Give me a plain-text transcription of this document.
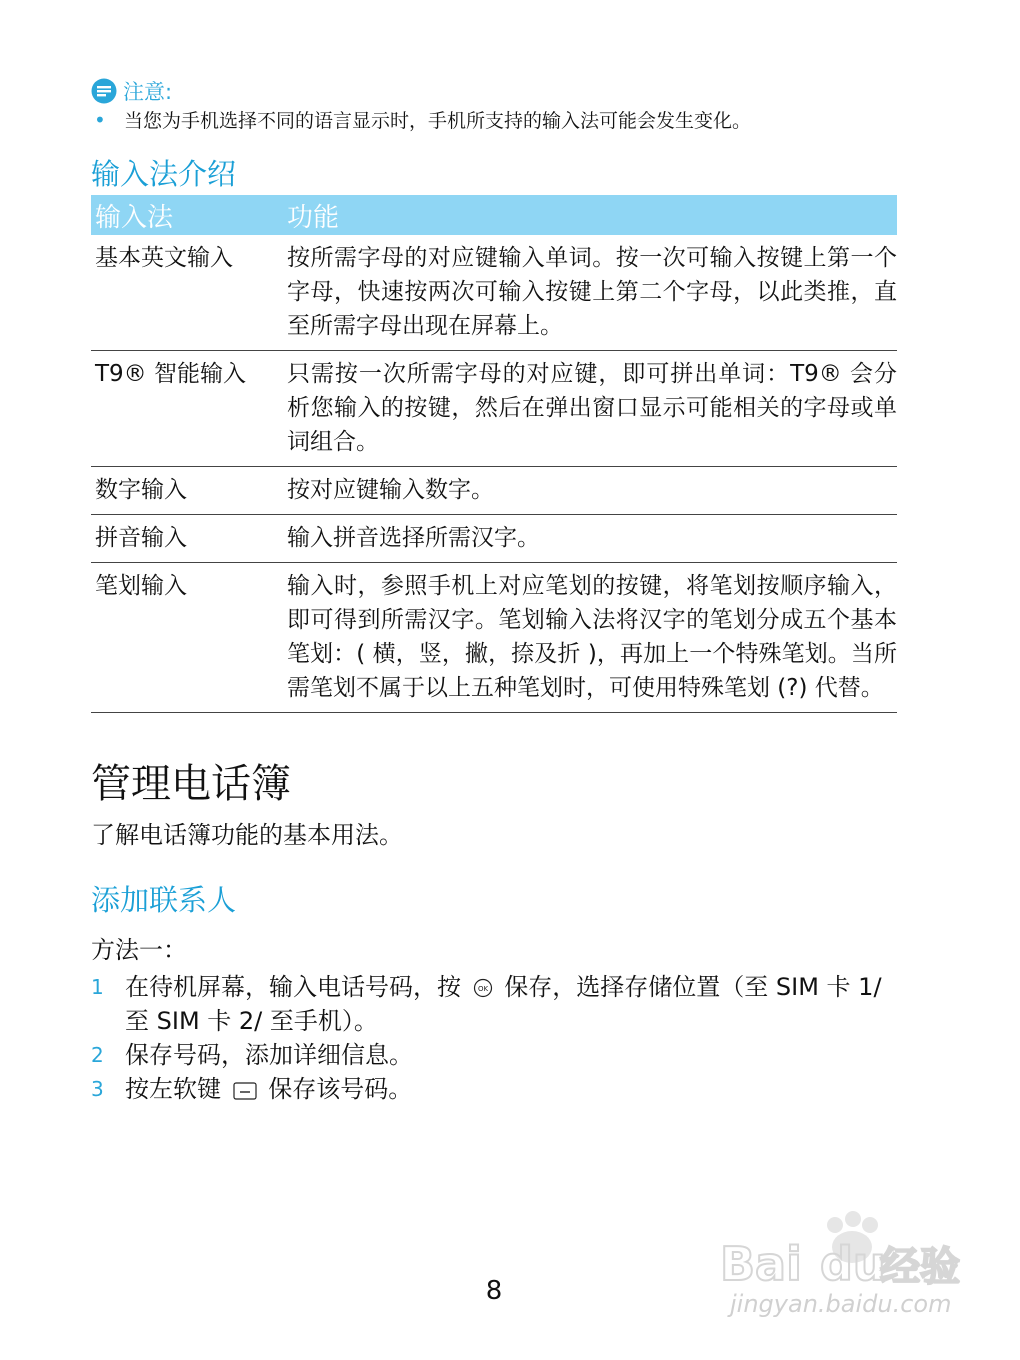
注意:
• 当您为手机选择不同的语言显示时，手机所支持的输入法可能会发生变化。
输入法介绍
输入法	功能
基本英文输入	按所需字母的对应键输入单词。按一次可输入按键上第一个字母，快速按两次可输入按键上第二个字母，以此类推，直至所需字母出现在屏幕上。
T9® 智能输入	只需按一次所需字母的对应键，即可拼出单词：T9® 会分析您输入的按键，然后在弹出窗口显示可能相关的字母或单词组合。
数字输入	按对应键输入数字。
拼音输入	输入拼音选择所需汉字。
笔划输入	输入时，参照手机上对应笔划的按键，将笔划按顺序输入，即可得到所需汉字。笔划输入法将汉字的笔划分成五个基本笔划：( 横，竖，撇，捺及折 )，再加上一个特殊笔划。当所需笔划不属于以上五种笔划时，可使用特殊笔划 (?) 代替。
管理电话簿
了解电话簿功能的基本用法。
添加联系人
方法一：
1 在待机屏幕，输入电话号码，按 OK 保存，选择存储位置（至 SIM 卡 1/ 至 SIM 卡 2/ 至手机）。
2 保存号码，添加详细信息。
3 按左软键 保存该号码。
8	Bai du
经验
jingyan.baidu.com
